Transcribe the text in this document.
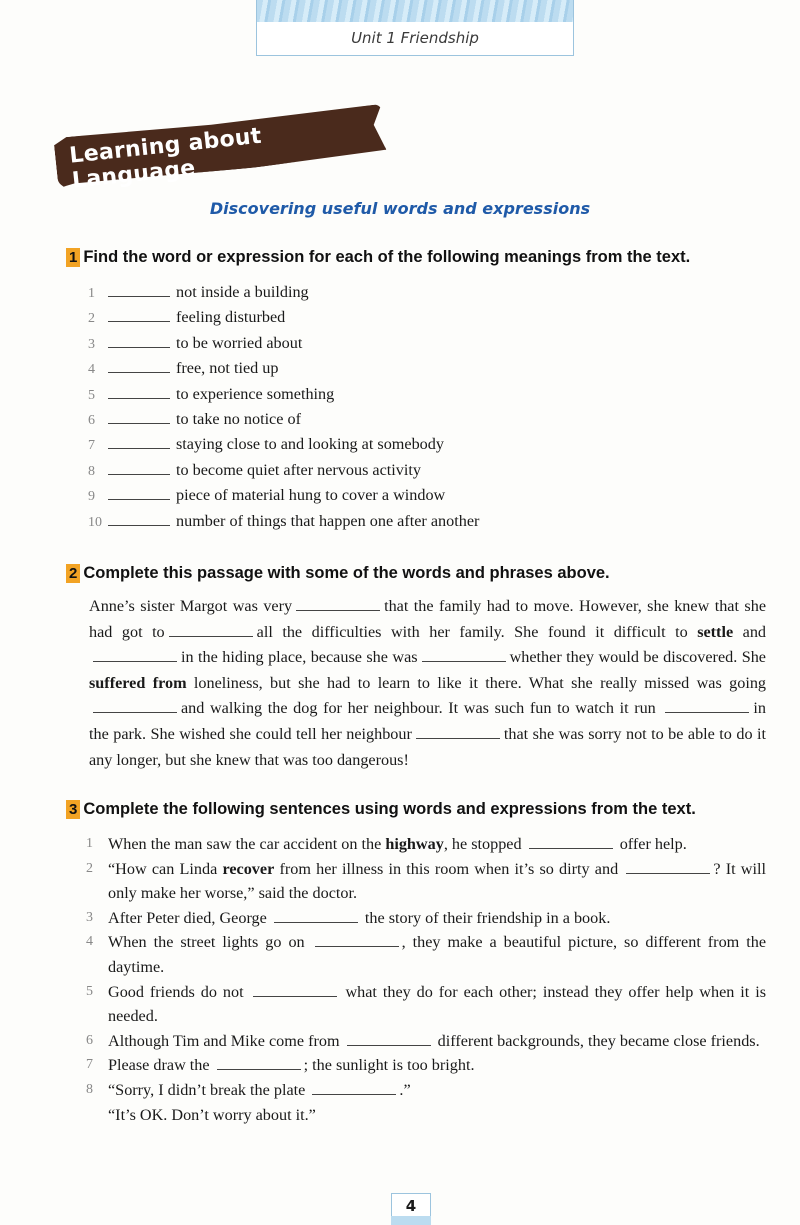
Unit 1 Friendship
Learning about Language
Discovering useful words and expressions
1 Find the word or expression for each of the following meanings from the text.
1	not inside a building
2	feeling disturbed
3	to be worried about
4	free, not tied up
5	to experience something
6	to take no notice of
7	staying close to and looking at somebody
8	to become quiet after nervous activity
9	piece of material hung to cover a window
10	number of things that happen one after another
2 Complete this passage with some of the words and phrases above.
Anne’s sister Margot was very	that the family had to move. However, she knew that she had got to	all the difficulties with her family. She found it difficult to settle and in the hiding place, because she was	whether they would be discovered. She suffered from loneliness, but she had to learn to like it there. What she really missed was goingand walking the dog for her neighbour. It was such fun to watch it run	in the park. She wished she could tell her neighbour	that she was sorry not to be able to do it any longer, but she knew that was too dangerous!
3 Complete the following sentences using words and expressions from the text.
1 When the man saw the car accident on the highway, he stopped	offer help.
2 “How can Linda recover from her illness in this room when it’s so dirty and	? It will only make her worse,” said the doctor.
3 After Peter died, George	the story of their friendship in a book.
4 When the street lights go on	, they make a beautiful picture, so different from the daytime.
5 Good friends do not	what they do for each other; instead they offer help when it is needed.
6 Although Tim and Mike come from	different backgrounds, they became close friends.
7 Please draw the	; the sunlight is too bright.
8 “Sorry, I didn’t break the plate	.”
“It’s OK. Don’t worry about it.”
4
